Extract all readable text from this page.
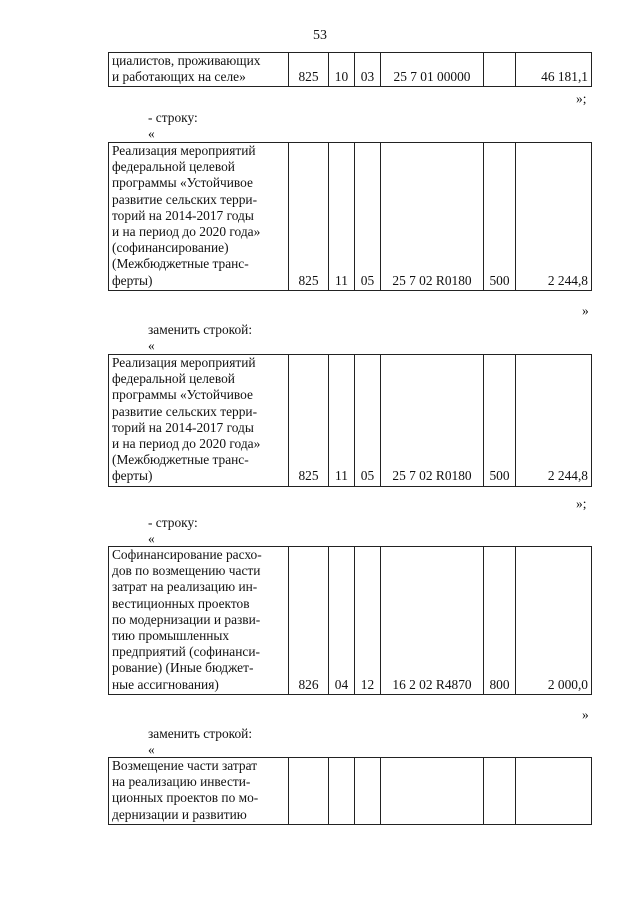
53
циалистов, проживающих
и работающих на селе»	825	10	03	25 7 01 00000		46 181,1
»;
- строку:
«
Реализация мероприятий
федеральной целевой
программы «Устойчивое
развитие сельских терри-
торий на 2014-2017 годы
и на период до 2020 года»
(софинансирование)
(Межбюджетные транс-
ферты)	825	11	05	25 7 02 R0180	500	2 244,8
»
заменить строкой:
«
Реализация мероприятий
федеральной целевой
программы «Устойчивое
развитие сельских терри-
торий на 2014-2017 годы
и на период до 2020 года»
(Межбюджетные транс-
ферты)	825	11	05	25 7 02 R0180	500	2 244,8
»;
- строку:
«
Софинансирование расхо-
дов по возмещению части
затрат на реализацию ин-
вестиционных проектов
по модернизации и разви-
тию промышленных
предприятий (софинанси-
рование) (Иные бюджет-
ные ассигнования)	826	04	12	16 2 02 R4870	800	2 000,0
»
заменить строкой:
«
Возмещение части затрат
на реализацию инвести-
ционных проектов по мо-
дернизации и развитию
